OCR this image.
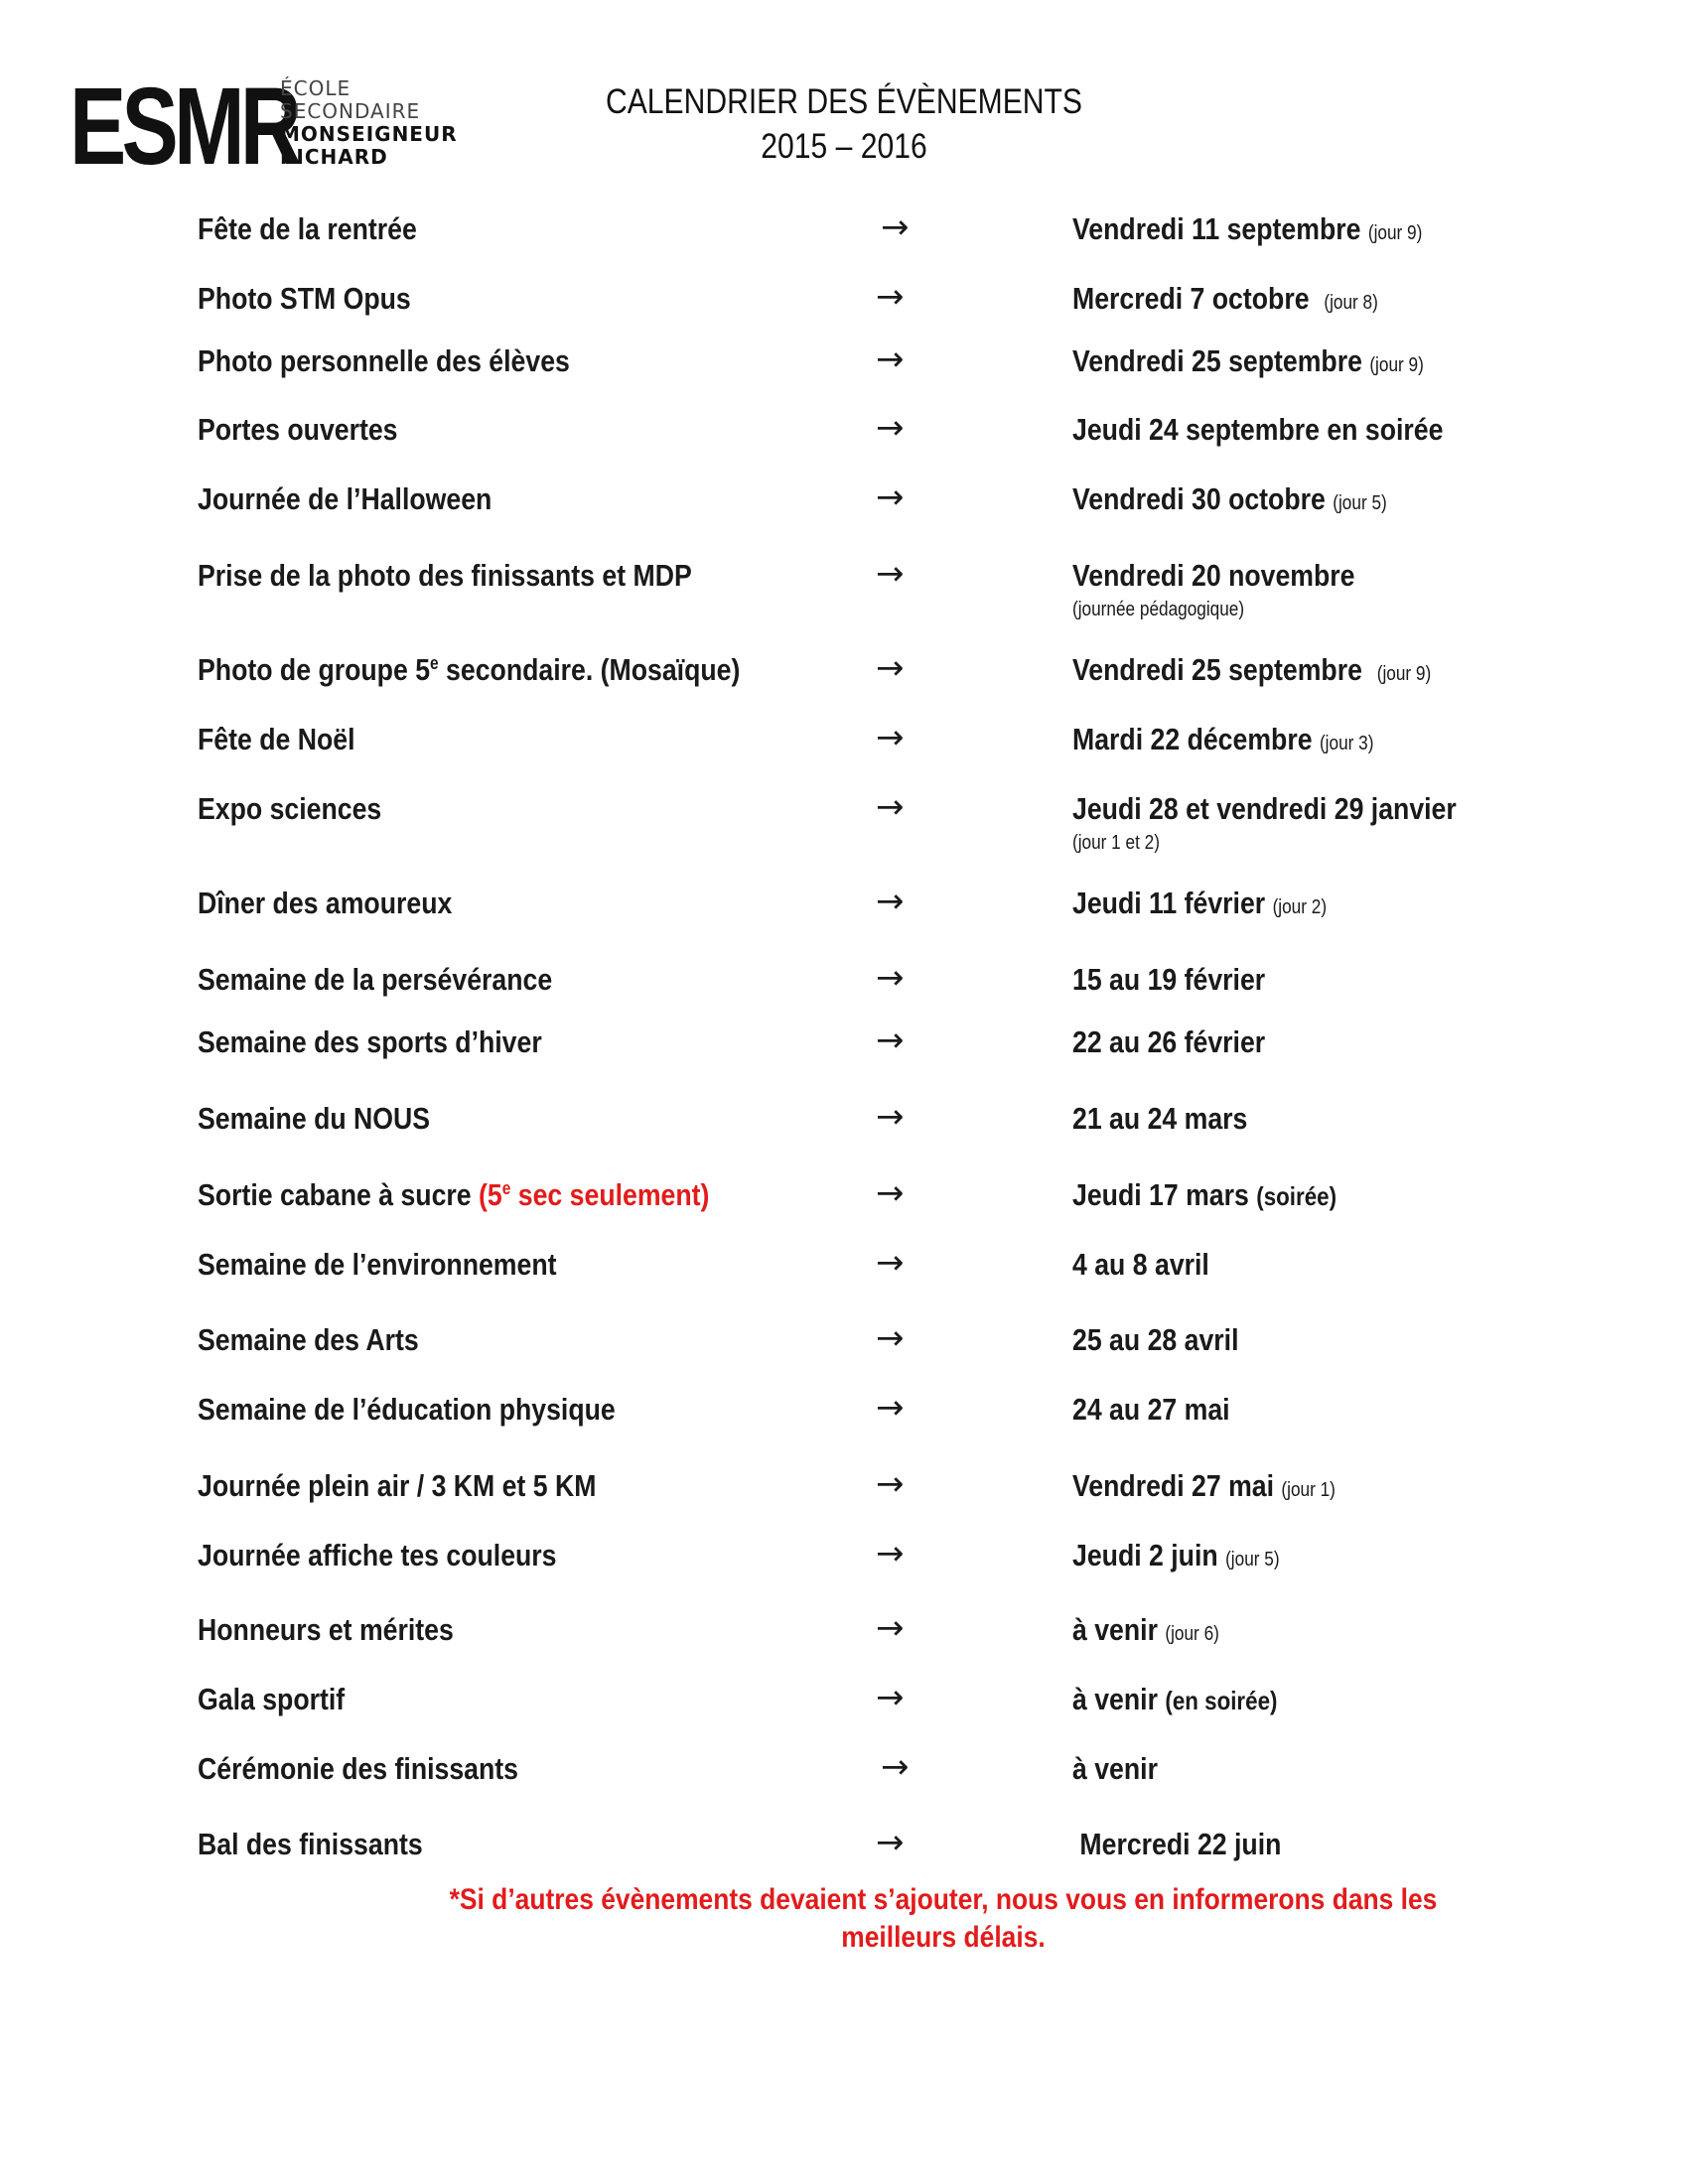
ESMR
ÉCOLE
SECONDAIRE
MONSEIGNEUR
RICHARD
CALENDRIER DES ÉVÈNEMENTS
2015 – 2016
Fête de la rentrée	→	Vendredi 11 septembre (jour 9)
Photo STM Opus	→	Mercredi 7 octobre (jour 8)
Photo personnelle des élèves	→	Vendredi 25 septembre (jour 9)
Portes ouvertes	→	Jeudi 24 septembre en soirée
Journée de l’Halloween	→	Vendredi 30 octobre (jour 5)
Prise de la photo des finissants et MDP	→	Vendredi 20 novembre
(journée pédagogique)
Photo de groupe 5e secondaire. (Mosaïque)	→	Vendredi 25 septembre (jour 9)
Fête de Noël	→	Mardi 22 décembre (jour 3)
Expo sciences	→	Jeudi 28 et vendredi 29 janvier
(jour 1 et 2)
Dîner des amoureux	→	Jeudi 11 février (jour 2)
Semaine de la persévérance	→	15 au 19 février
Semaine des sports d’hiver	→	22 au 26 février
Semaine du NOUS	→	21 au 24 mars
Sortie cabane à sucre (5e sec seulement)	→	Jeudi 17 mars (soirée)
Semaine de l’environnement	→	4 au 8 avril
Semaine des Arts	→	25 au 28 avril
Semaine de l’éducation physique	→	24 au 27 mai
Journée plein air / 3 KM et 5 KM	→	Vendredi 27 mai (jour 1)
Journée affiche tes couleurs	→	Jeudi 2 juin (jour 5)
Honneurs et mérites	→	à venir (jour 6)
Gala sportif	→	à venir (en soirée)
Cérémonie des finissants	→	à venir
Bal des finissants	→	Mercredi 22 juin
*Si d’autres évènements devaient s’ajouter, nous vous en informerons dans les
meilleurs délais.
